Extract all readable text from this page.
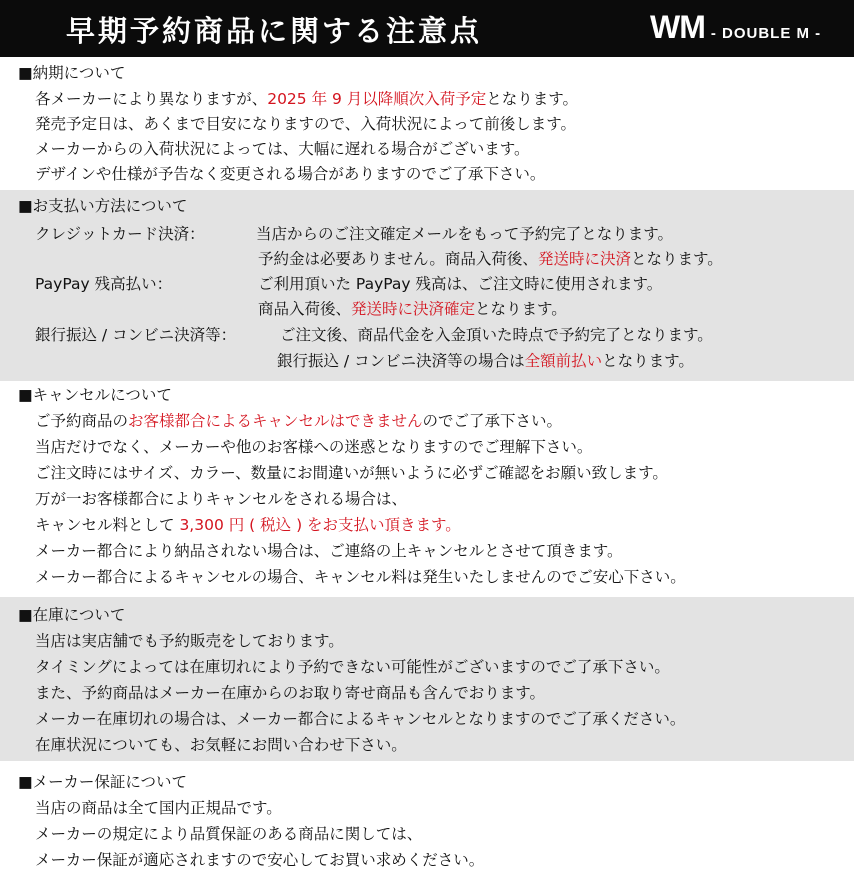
早期予約商品に関する注意点	WM - DOUBLE M -
■納期について
各メーカーにより異なりますが、2025 年 9 月以降順次入荷予定となります。
発売予定日は、あくまで目安になりますので、入荷状況によって前後します。
メーカーからの入荷状況によっては、大幅に遅れる場合がございます。
デザインや仕様が予告なく変更される場合がありますのでご了承下さい。
■お支払い方法について
クレジットカード決済：	当店からのご注文確定メールをもって予約完了となります。
予約金は必要ありません。商品入荷後、発送時に決済となります。
PayPay 残高払い：	ご利用頂いた PayPay 残高は、ご注文時に使用されます。
商品入荷後、発送時に決済確定となります。
銀行振込 / コンビニ決済等：	ご注文後、商品代金を入金頂いた時点で予約完了となります。
銀行振込 / コンビニ決済等の場合は全額前払いとなります。
■キャンセルについて
ご予約商品のお客様都合によるキャンセルはできませんのでご了承下さい。
当店だけでなく、メーカーや他のお客様への迷惑となりますのでご理解下さい。
ご注文時にはサイズ、カラー、数量にお間違いが無いように必ずご確認をお願い致します。
万が一お客様都合によりキャンセルをされる場合は、
キャンセル料として 3,300 円 ( 税込 ) をお支払い頂きます。
メーカー都合により納品されない場合は、ご連絡の上キャンセルとさせて頂きます。
メーカー都合によるキャンセルの場合、キャンセル料は発生いたしませんのでご安心下さい。
■在庫について
当店は実店舗でも予約販売をしております。
タイミングによっては在庫切れにより予約できない可能性がございますのでご了承下さい。
また、予約商品はメーカー在庫からのお取り寄せ商品も含んでおります。
メーカー在庫切れの場合は、メーカー都合によるキャンセルとなりますのでご了承ください。
在庫状況についても、お気軽にお問い合わせ下さい。
■メーカー保証について
当店の商品は全て国内正規品です。
メーカーの規定により品質保証のある商品に関しては、
メーカー保証が適応されますので安心してお買い求めください。
